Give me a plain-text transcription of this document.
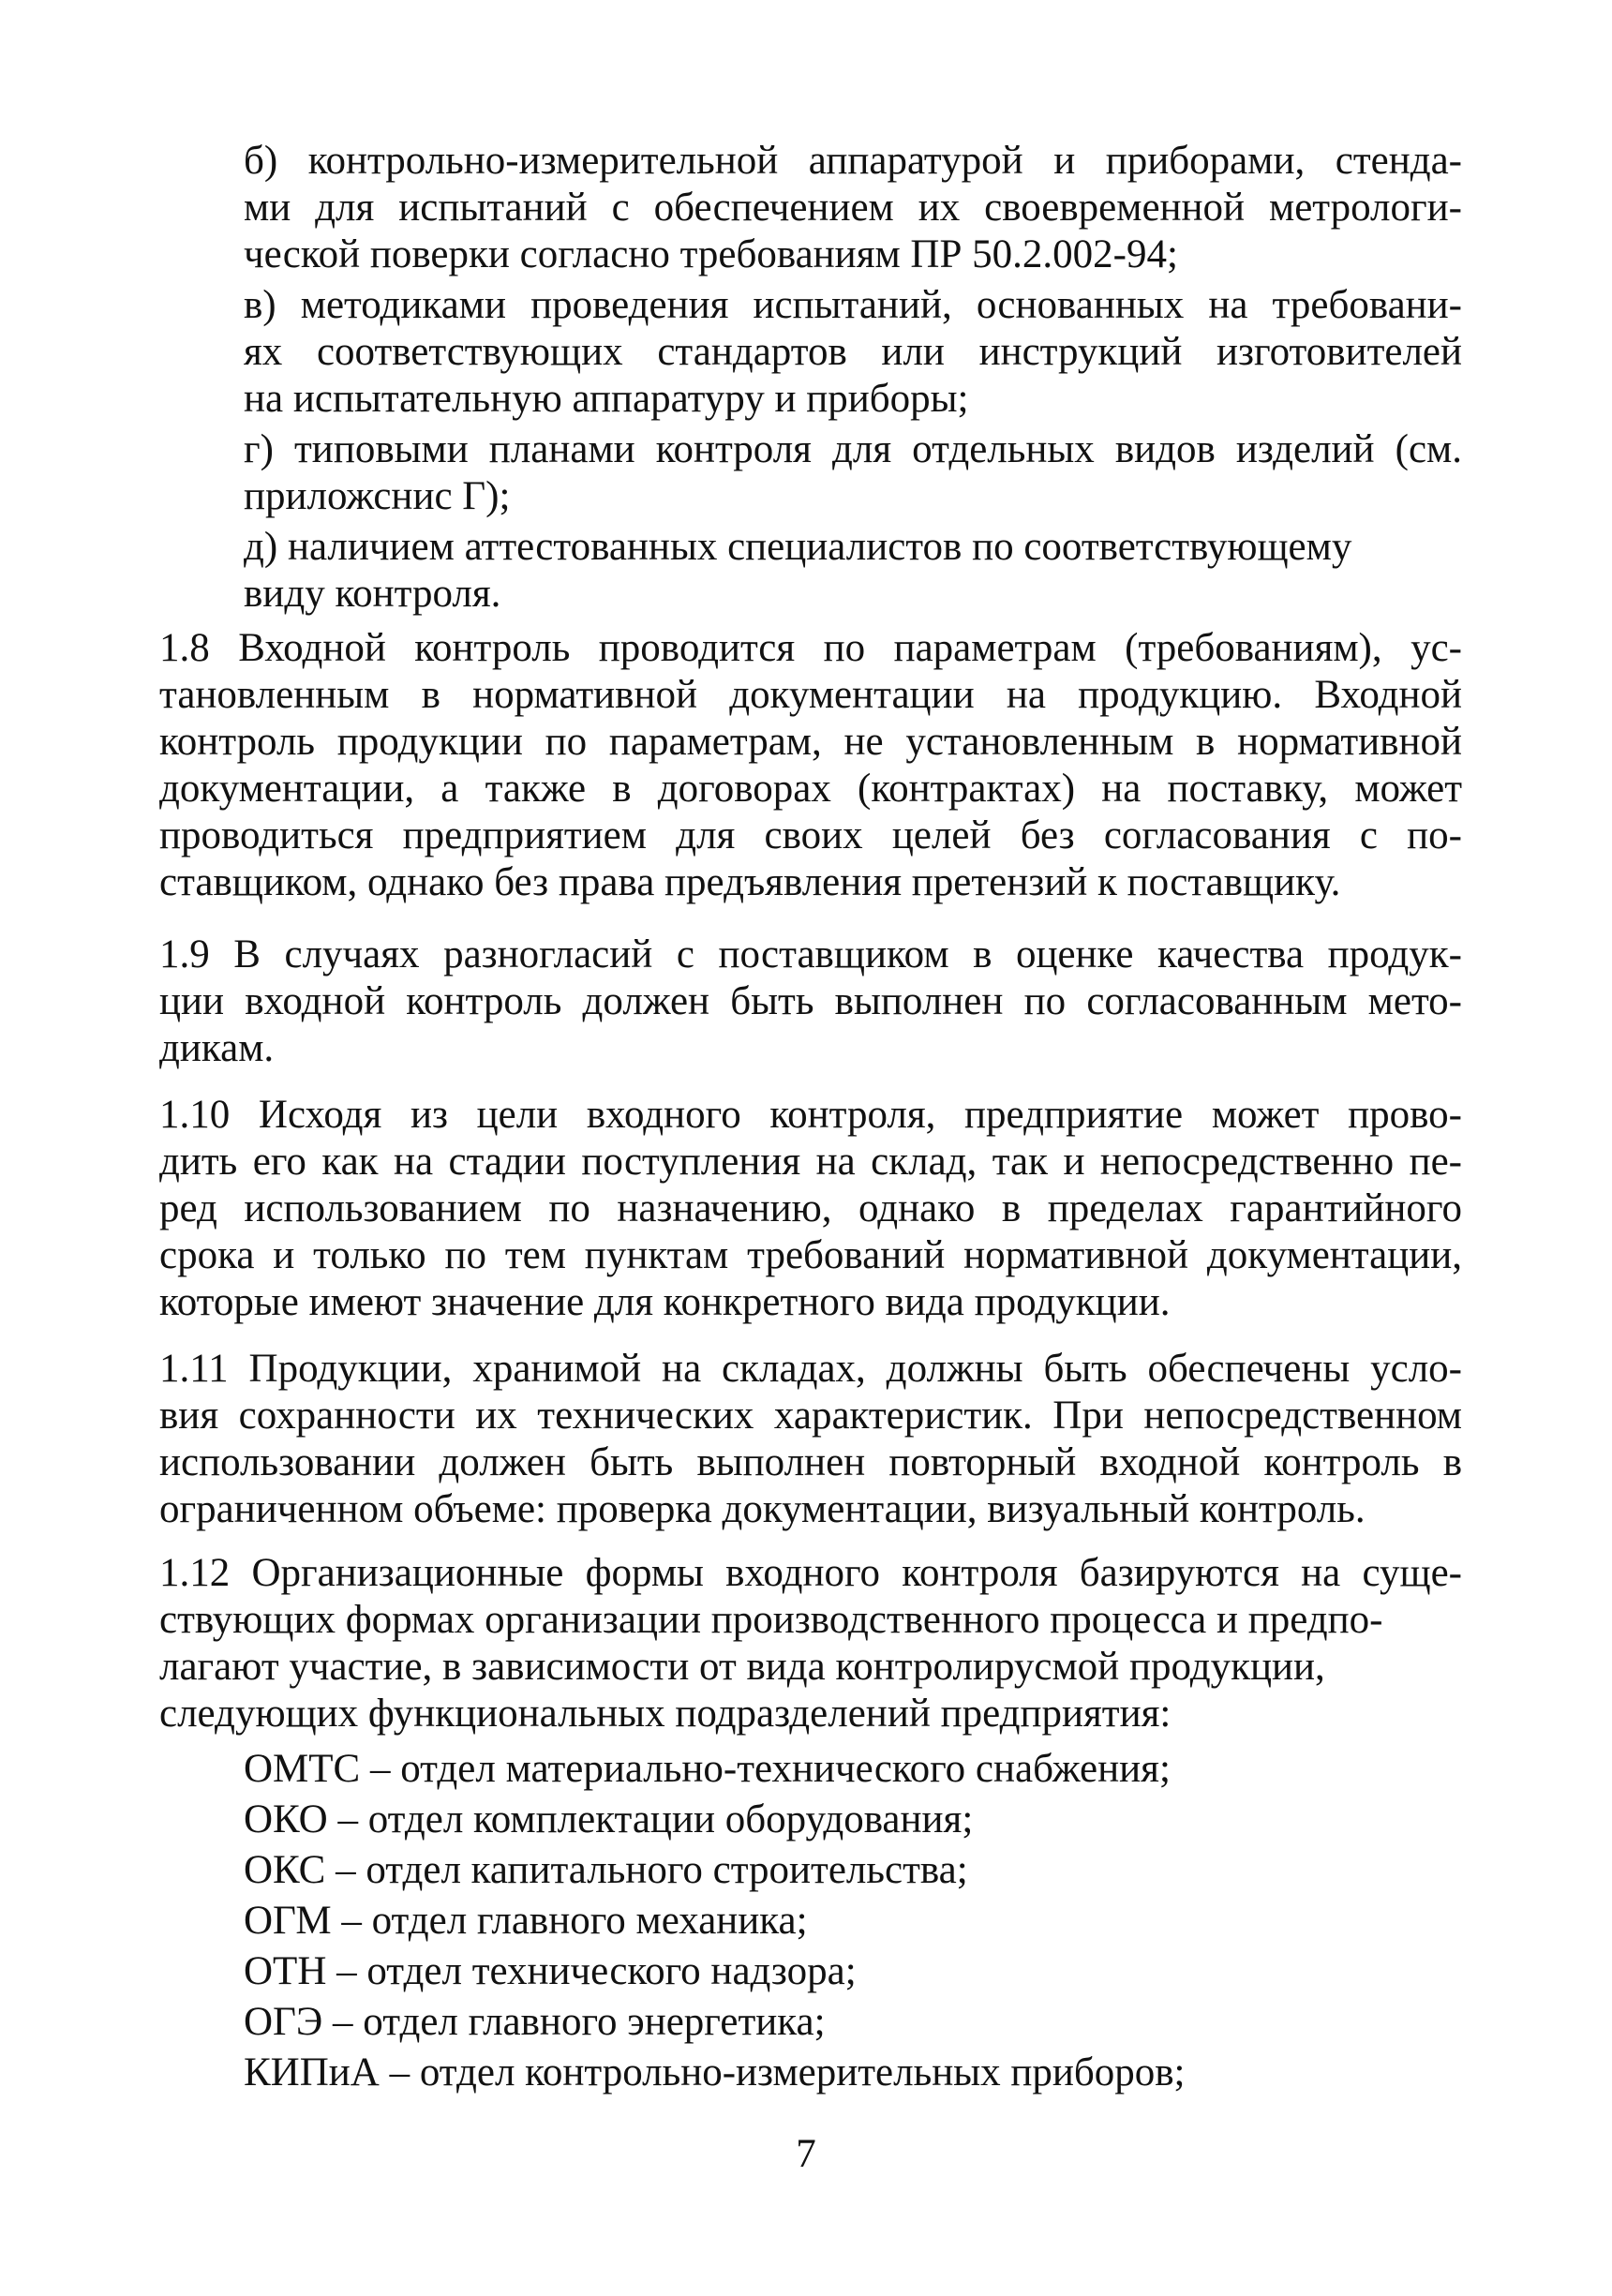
б) контрольно-измерительной аппаратурой и приборами, стенда-
ми для испытаний с обеспечением их своевременной метрологи-
ческой поверки согласно требованиям ПР 50.2.002-94;
в) методиками проведения испытаний, основанных на требовани-
ях соответствующих стандартов или инструкций изготовителей
на испытательную аппаратуру и приборы;
г) типовыми планами контроля для отдельных видов изделий (см.
приложснис Г);
д) наличием аттестованных специалистов по соответствующему
виду контроля.
1.8 Входной контроль проводится по параметрам (требованиям), ус-
тановленным в нормативной документации на продукцию. Входной
контроль продукции по параметрам, не установленным в нормативной
документации, а также в договорах (контрактах) на поставку, может
проводиться предприятием для своих целей без согласования с по-
ставщиком, однако без права предъявления претензий к поставщику.
1.9 В случаях разногласий с поставщиком в оценке качества продук-
ции входной контроль должен быть выполнен по согласованным мето-
дикам.
1.10 Исходя из цели входного контроля, предприятие может прово-
дить его как на стадии поступления на склад, так и непосредственно пе-
ред использованием по назначению, однако в пределах гарантийного
срока и только по тем пунктам требований нормативной документации,
которые имеют значение для конкретного вида продукции.
1.11 Продукции, хранимой на складах, должны быть обеспечены усло-
вия сохранности их технических характеристик. При непосредственном
использовании должен быть выполнен повторный входной контроль в
ограниченном объеме: проверка документации, визуальный контроль.
1.12 Организационные формы входного контроля базируются на суще-
ствующих формах организации производственного процесса и предпо-
лагают участие, в зависимости от вида контролирусмой продукции,
следующих функциональных подразделений предприятия:
ОМТС – отдел материально-технического снабжения;
ОКО – отдел комплектации оборудования;
ОКС – отдел капитального строительства;
ОГМ – отдел главного механика;
ОТН – отдел технического надзора;
ОГЭ – отдел главного энергетика;
КИПиА – отдел контрольно-измерительных приборов;
7
